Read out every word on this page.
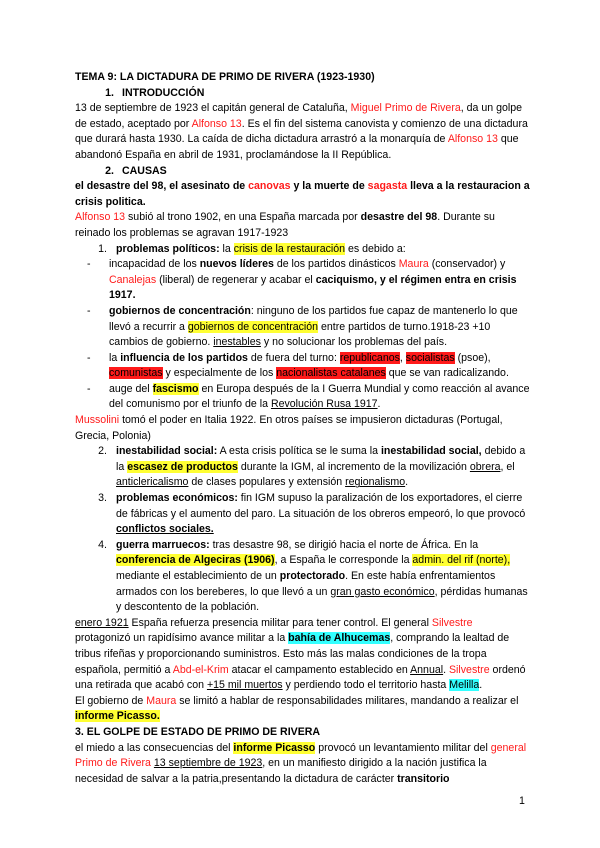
TEMA 9: LA DICTADURA DE PRIMO DE RIVERA (1923-1930)

1. INTRODUCCIÓN

13 de septiembre de 1923 el capitán general de Cataluña, Miguel Primo de Rivera, da un golpe de estado, aceptado por Alfonso 13. Es el fin del sistema canovista y comienzo de una dictadura que durará hasta 1930. La caída de dicha dictadura arrastró a la monarquía de Alfonso 13 que abandonó España en abril de 1931, proclamándose la II República.

2. CAUSAS

el desastre del 98, el asesinato de canovas y la muerte de sagasta lleva a la restauracion a crisis politica.

Alfonso 13 subió al trono 1902, en una España marcada por desastre del 98. Durante su reinado los problemas se agravan 1917-1923

1. problemas políticos: la crisis de la restauración es debido a:
-	incapacidad de los nuevos líderes de los partidos dinásticos Maura (conservador) y Canalejas (liberal) de regenerar y acabar el caciquismo, y el régimen entra en crisis 1917.
-	gobiernos de concentración: ninguno de los partidos fue capaz de mantenerlo lo que llevó a recurrir a gobiernos de concentración entre partidos de turno.1918-23 +10 cambios de gobierno. inestables y no solucionar los problemas del país.
-	la influencia de los partidos de fuera del turno: republicanos, socialistas (psoe), comunistas y especialmente de los nacionalistas catalanes que se van radicalizando.
-	auge del fascismo en Europa después de la I Guerra Mundial y como reacción al avance del comunismo por el triunfo de la Revolución Rusa 1917.

Mussolini tomó el poder en Italia 1922. En otros países se impusieron dictaduras (Portugal, Grecia, Polonia)

2. inestabilidad social: A esta crisis política se le suma la inestabilidad social, debido a la escasez de productos durante la IGM, al incremento de la movilización obrera, el anticlericalismo de clases populares y extensión regionalismo.
3. problemas económicos: fin IGM supuso la paralización de los exportadores, el cierre de fábricas y el aumento del paro. La situación de los obreros empeoró, lo que provocó conflictos sociales.
4. guerra marruecos: tras desastre 98, se dirigió hacia el norte de África. En la conferencia de Algeciras (1906), a España le corresponde la admin. del rif (norte), mediante el establecimiento de un protectorado. En este había enfrentamientos armados con los bereberes, lo que llevó a un gran gasto económico, pérdidas humanas y descontento de la población.

enero 1921 España refuerza presencia militar para tener control. El general Silvestre protagonizó un rapidísimo avance militar a la bahía de Alhucemas, comprando la lealtad de tribus rifeñas y proporcionando suministros. Esto más las malas condiciones de la tropa española, permitió a Abd-el-Krim atacar el campamento establecido en Annual. Silvestre ordenó una retirada que acabó con +15 mil muertos y perdiendo todo el territorio hasta Melilla.

El gobierno de Maura se limitó a hablar de responsabilidades militares, mandando a realizar el informe Picasso.

3. EL GOLPE DE ESTADO DE PRIMO DE RIVERA

el miedo a las consecuencias del informe Picasso provocó un levantamiento militar del general Primo de Rivera 13 septiembre de 1923, en un manifiesto dirigido a la nación justifica la necesidad de salvar a la patria,presentando la dictadura de carácter transitorio

1
